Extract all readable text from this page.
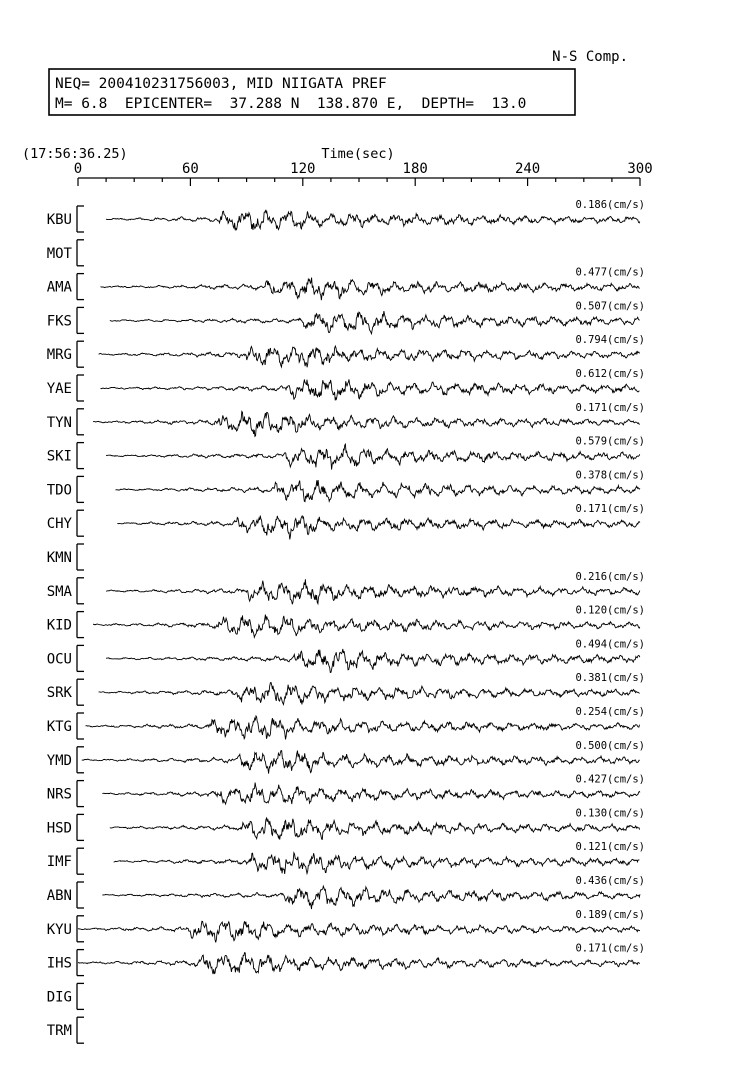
N-S Comp.
NEQ= 200410231756003, MID NIIGATA PREF
M= 6.8  EPICENTER=  37.288 N  138.870 E,  DEPTH=  13.0
(17:56:36.25)	Time(sec)
0	60	120	180	240	300
KBU
0.186(cm/s)
MOT
AMA
0.477(cm/s)
FKS
0.507(cm/s)
MRG
0.794(cm/s)
YAE
0.612(cm/s)
TYN
0.171(cm/s)
SKI
0.579(cm/s)
TDO
0.378(cm/s)
CHY
0.171(cm/s)
KMN
SMA
0.216(cm/s)
KID
0.120(cm/s)
OCU
0.494(cm/s)
SRK
0.381(cm/s)
KTG
0.254(cm/s)
YMD
0.500(cm/s)
NRS
0.427(cm/s)
HSD
0.130(cm/s)
IMF
0.121(cm/s)
ABN
0.436(cm/s)
KYU
0.189(cm/s)
IHS
0.171(cm/s)
DIG
TRM
